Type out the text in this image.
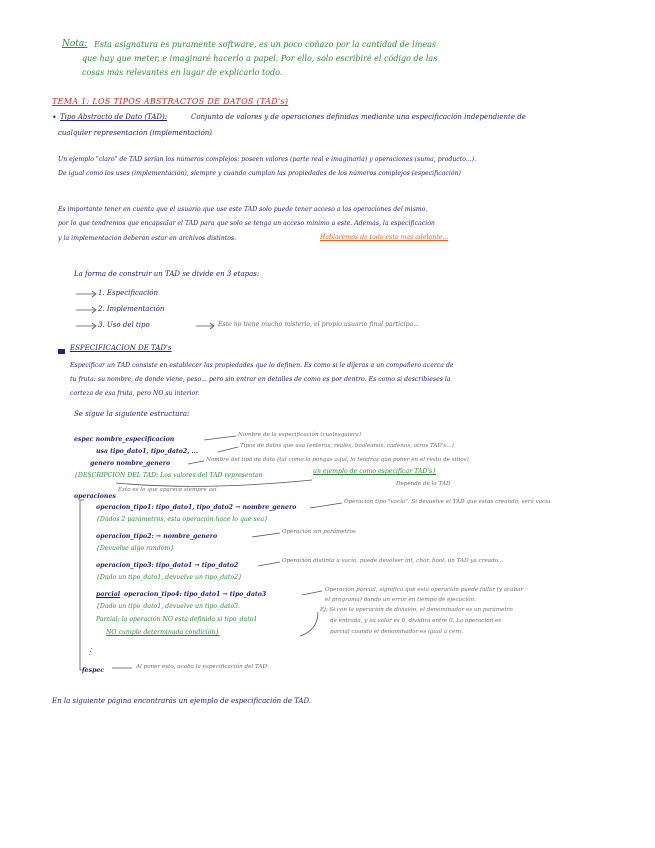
Nota: Esta asignatura es puramente software, es un poco coñazo por la cantidad de líneas
que hay que meter, e imaginaré hacerlo a papel. Por ello, solo escribiré el código de las
cosas más relevantes en lugar de explicarlo todo.
TEMA 1: LOS TIPOS ABSTRACTOS DE DATOS (TAD's)
• Tipo Abstracto de Dato (TAD):	Conjunto de valores y de operaciones definidas mediante una especificación independiente de
cualquier representación (implementación)
Un ejemplo "claro" de TAD serían los números complejos: poseen valores (parte real e imaginaria) y operaciones (suma, producto...).
De igual como los uses (implementación), siempre y cuando cumplan las propiedades de los números complejos (especificación)
Es importante tener en cuenta que el usuario que use este TAD solo puede tener acceso a las operaciones del mismo,
por lo que tendremos que encapsular el TAD para que solo se tenga un acceso mínimo a este. Además, la especificación
y la implementación deberán estar en archivos distintos.	Hablaremos de todo esto más adelante...
La forma de construir un TAD se divide en 3 etapas:
1. Especificación
2. Implementación
3. Uso del tipo	Este no tiene mucho misterio, el propio usuario final participa...
ESPECIFICACION DE TAD's
Especificar un TAD consiste en establecer las propiedades que lo definen. Es como si le dijeras a un compañero acerca de
tu fruta: su nombre, de donde viene, peso... pero sin entrar en detalles de como es por dentro. Es como si describieses la
corteza de esa fruta, pero NO su interior.
Se sigue la siguiente estructura:
espec nombre_especificacion
Nombre de la especificación (cualesquiera)
usa tipo_dato1, tipo_dato2, ...
Tipos de datos que usa (enteros, reales, booleanos, cadenas, otros TAD's...)
genero nombre_genero	Nombre del tipo de dato (tal como lo pongas aquí, lo tendrás que poner en el resto de sitios)
{DESCRIPCION DEL TAD: Los valores del TAD representan
un ejemplo de como especificar TAD's}
Depende de la TAD
Esto es lo que aparece siempre así
operaciones
operacion_tipo1: tipo_dato1, tipo_dato2 → nombre_genero
Operación tipo "vacía". Si devuelve el TAD que estás creando, será vacía
{Dados 2 parámetros, esta operación hace lo que sea}
operacion_tipo2: → nombre_genero
Operación sin parámetros
{Devuelve algo random}
operacion_tipo3: tipo_dato1 → tipo_dato2
Operación distinta a vacía, puede devolver int, char, bool, un TAD ya creado...
{Dado un tipo_dato1, devuelve un tipo_dato2}
parcial operacion_tipo4: tipo_dato1 → tipo_dato3
Operación parcial, significa que esta operación puede fallar (y acabar
el programa) dando un error en tiempo de ejecución.
{Dado un tipo_dato1, devuelve un tipo_dato3.
Parcial: la operación NO está definida si tipo_dato1
NO cumple determinada condición}
Ej: Si con la operación de división, el denominador es un parámetro
de entrada, y su valor es 0, dividirá entre 0. La operación es
parcial cuando el denominador es igual a cero.
⋮
fespec	Al poner esto, acaba la especificación del TAD
En la siguiente página encontrarás un ejemplo de especificación de TAD.
